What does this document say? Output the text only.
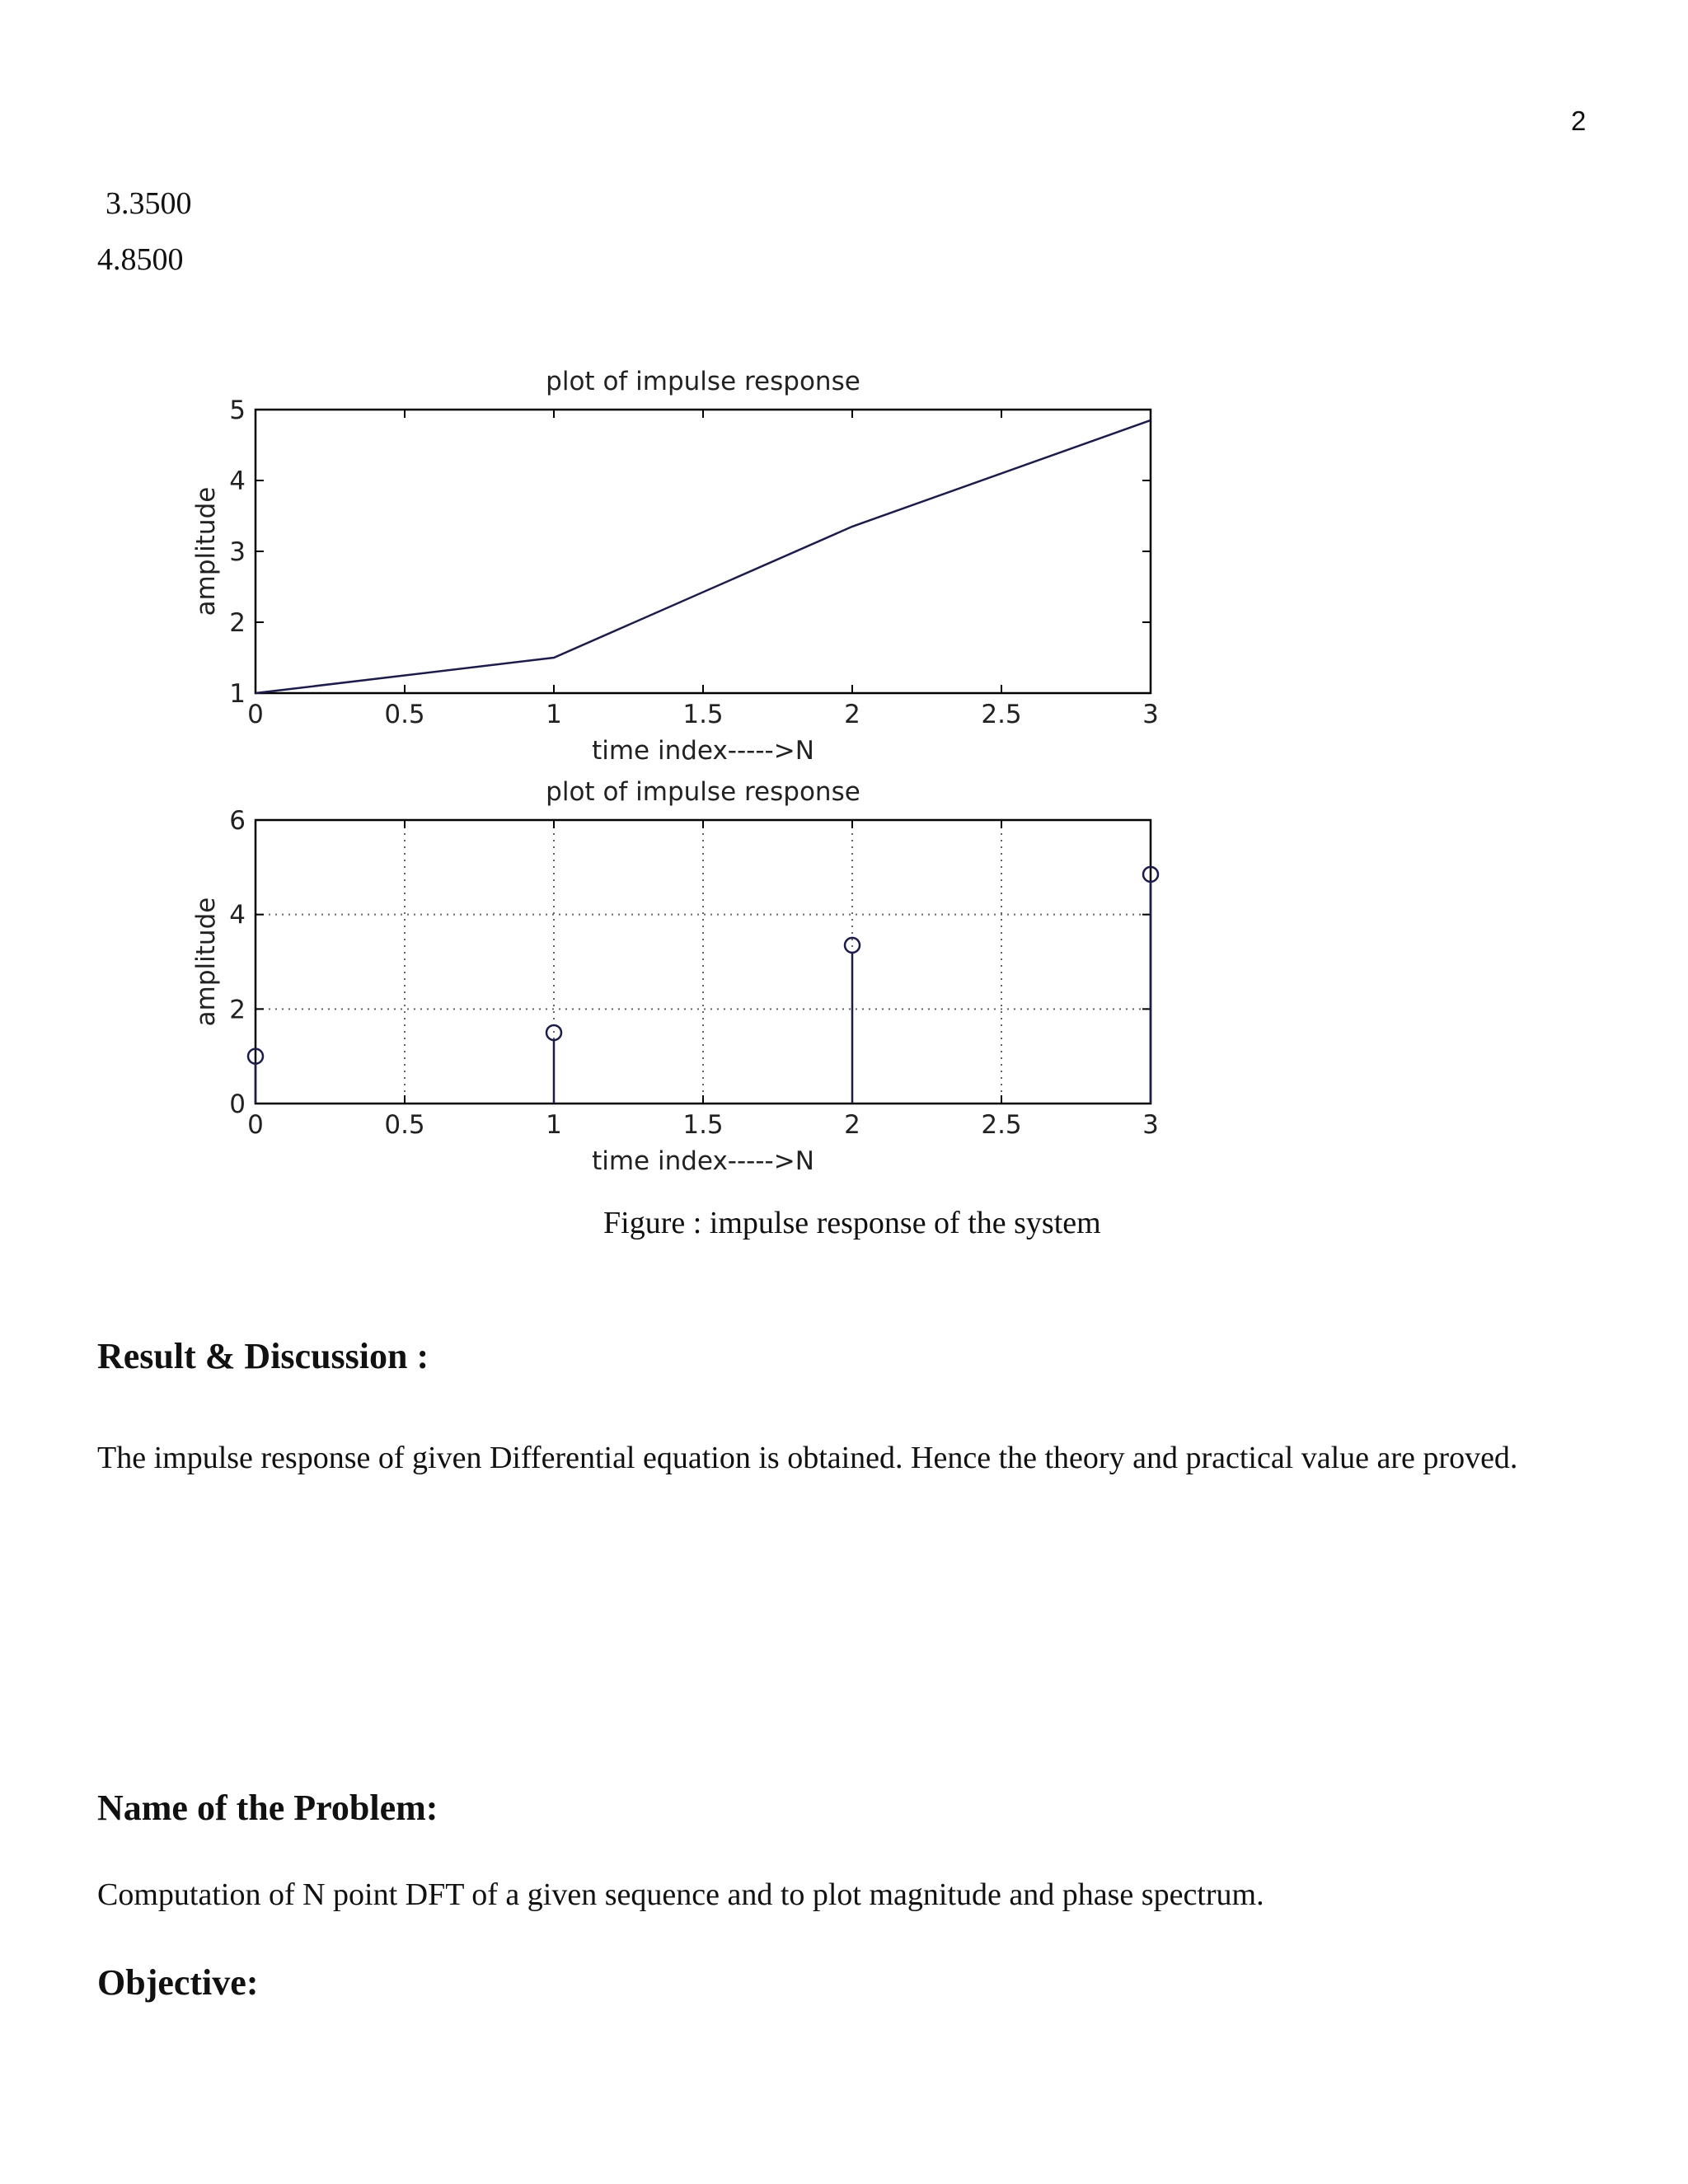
2
3.3500
4.8500
plot of impulse response
0	0.5	1	1.5	2	2.5	3
1
2
3
4
5
time index----->N
amplitude
plot of impulse response
0	0.5	1	1.5	2	2.5	3
0
2
4
6
time index----->N
amplitude
Figure : impulse response of the system
Result & Discussion :
The impulse response of given Differential equation is obtained. Hence the theory and practical value are proved.
Name of the Problem:
Computation of N point DFT of a given sequence and to plot magnitude and phase spectrum.
Objective:
